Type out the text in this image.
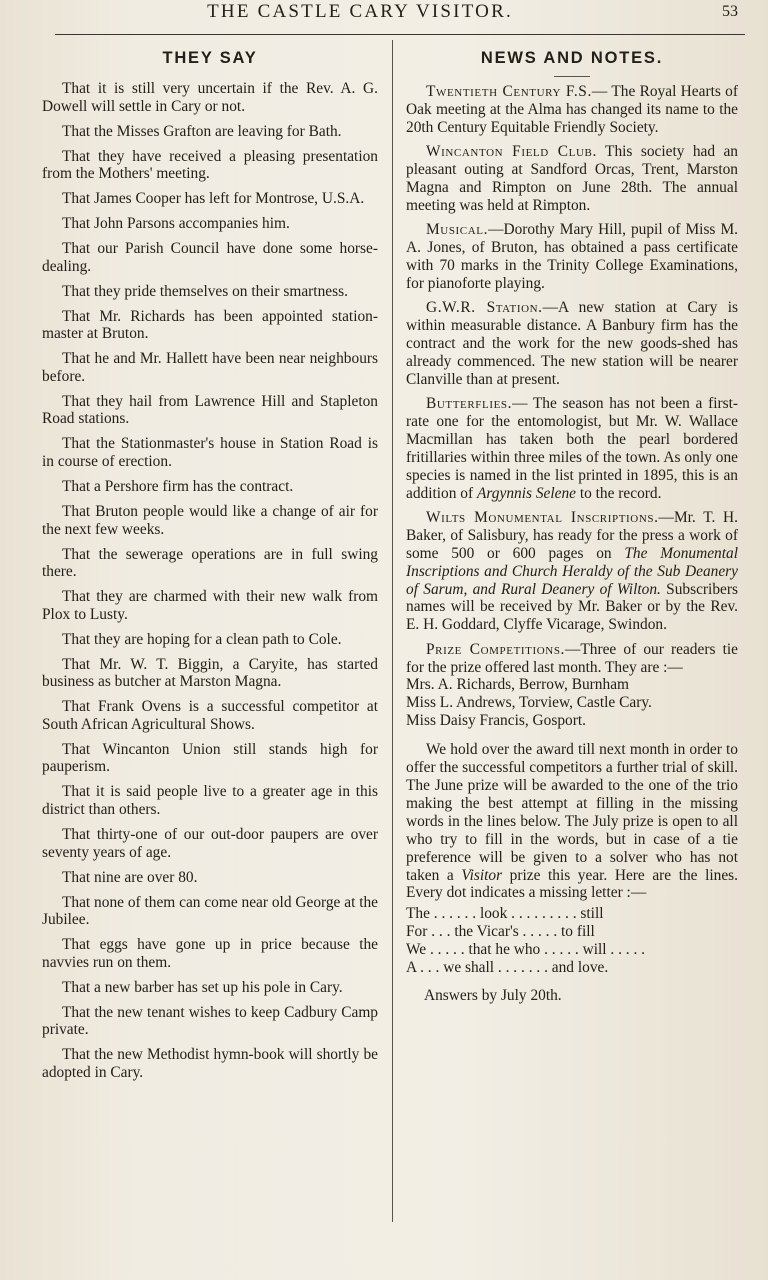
THE CASTLE CARY VISITOR.	53
THEY SAY

That it is still very uncertain if the Rev. A. G. Dowell will settle in Cary or not.

That the Misses Grafton are leaving for Bath.

That they have received a pleasing presentation from the Mothers' meeting.

That James Cooper has left for Montrose, U.S.A.

That John Parsons accompanies him.

That our Parish Council have done some horse-dealing.

That they pride themselves on their smartness.

That Mr. Richards has been appointed station-master at Bruton.

That he and Mr. Hallett have been near neighbours before.

That they hail from Lawrence Hill and Stapleton Road stations.

That the Stationmaster's house in Station Road is in course of erection.

That a Pershore firm has the contract.

That Bruton people would like a change of air for the next few weeks.

That the sewerage operations are in full swing there.

That they are charmed with their new walk from Plox to Lusty.

That they are hoping for a clean path to Cole.

That Mr. W. T. Biggin, a Caryite, has started business as butcher at Marston Magna.

That Frank Ovens is a successful competitor at South African Agricultural Shows.

That Wincanton Union still stands high for pauperism.

That it is said people live to a greater age in this district than others.

That thirty-one of our out-door paupers are over seventy years of age.

That nine are over 80.

That none of them can come near old George at the Jubilee.

That eggs have gone up in price because the navvies run on them.

That a new barber has set up his pole in Cary.

That the new tenant wishes to keep Cadbury Camp private.

That the new Methodist hymn-book will shortly be adopted in Cary.

NEWS AND NOTES.

Twentieth Century F.S.— The Royal Hearts of Oak meeting at the Alma has changed its name to the 20th Century Equitable Friendly Society.

Wincanton Field Club. This society had an pleasant outing at Sandford Orcas, Trent, Marston Magna and Rimpton on June 28th. The annual meeting was held at Rimpton.

Musical.—Dorothy Mary Hill, pupil of Miss M. A. Jones, of Bruton, has obtained a pass certificate with 70 marks in the Trinity College Examinations, for pianoforte playing.

G.W.R. Station.—A new station at Cary is within measurable distance. A Banbury firm has the contract and the work for the new goods-shed has already commenced. The new station will be nearer Clanville than at present.

Butterflies.— The season has not been a first-rate one for the entomologist, but Mr. W. Wallace Macmillan has taken both the pearl bordered fritillaries within three miles of the town. As only one species is named in the list printed in 1895, this is an addition of Argynnis Selene to the record.

Wilts Monumental Inscriptions.—Mr. T. H. Baker, of Salisbury, has ready for the press a work of some 500 or 600 pages on The Monumental Inscriptions and Church Heraldy of the Sub Deanery of Sarum, and Rural Deanery of Wilton. Subscribers names will be received by Mr. Baker or by the Rev. E. H. Goddard, Clyffe Vicarage, Swindon.

Prize Competitions.—Three of our readers tie for the prize offered last month. They are :—

Mrs. A. Richards, Berrow, Burnham

Miss L. Andrews, Torview, Castle Cary.

Miss Daisy Francis, Gosport.

We hold over the award till next month in order to offer the successful competitors a further trial of skill. The June prize will be awarded to the one of the trio making the best attempt at filling in the missing words in the lines below. The July prize is open to all who try to fill in the words, but in case of a tie preference will be given to a solver who has not taken a Visitor prize this year. Here are the lines. Every dot indicates a missing letter :—

The . . . . . . look . . . . . . . . . still

For . . . the Vicar's . . . . . to fill

We . . . . . that he who . . . . . will . . . . .

A . . . we shall . . . . . . . and love.

Answers by July 20th.
